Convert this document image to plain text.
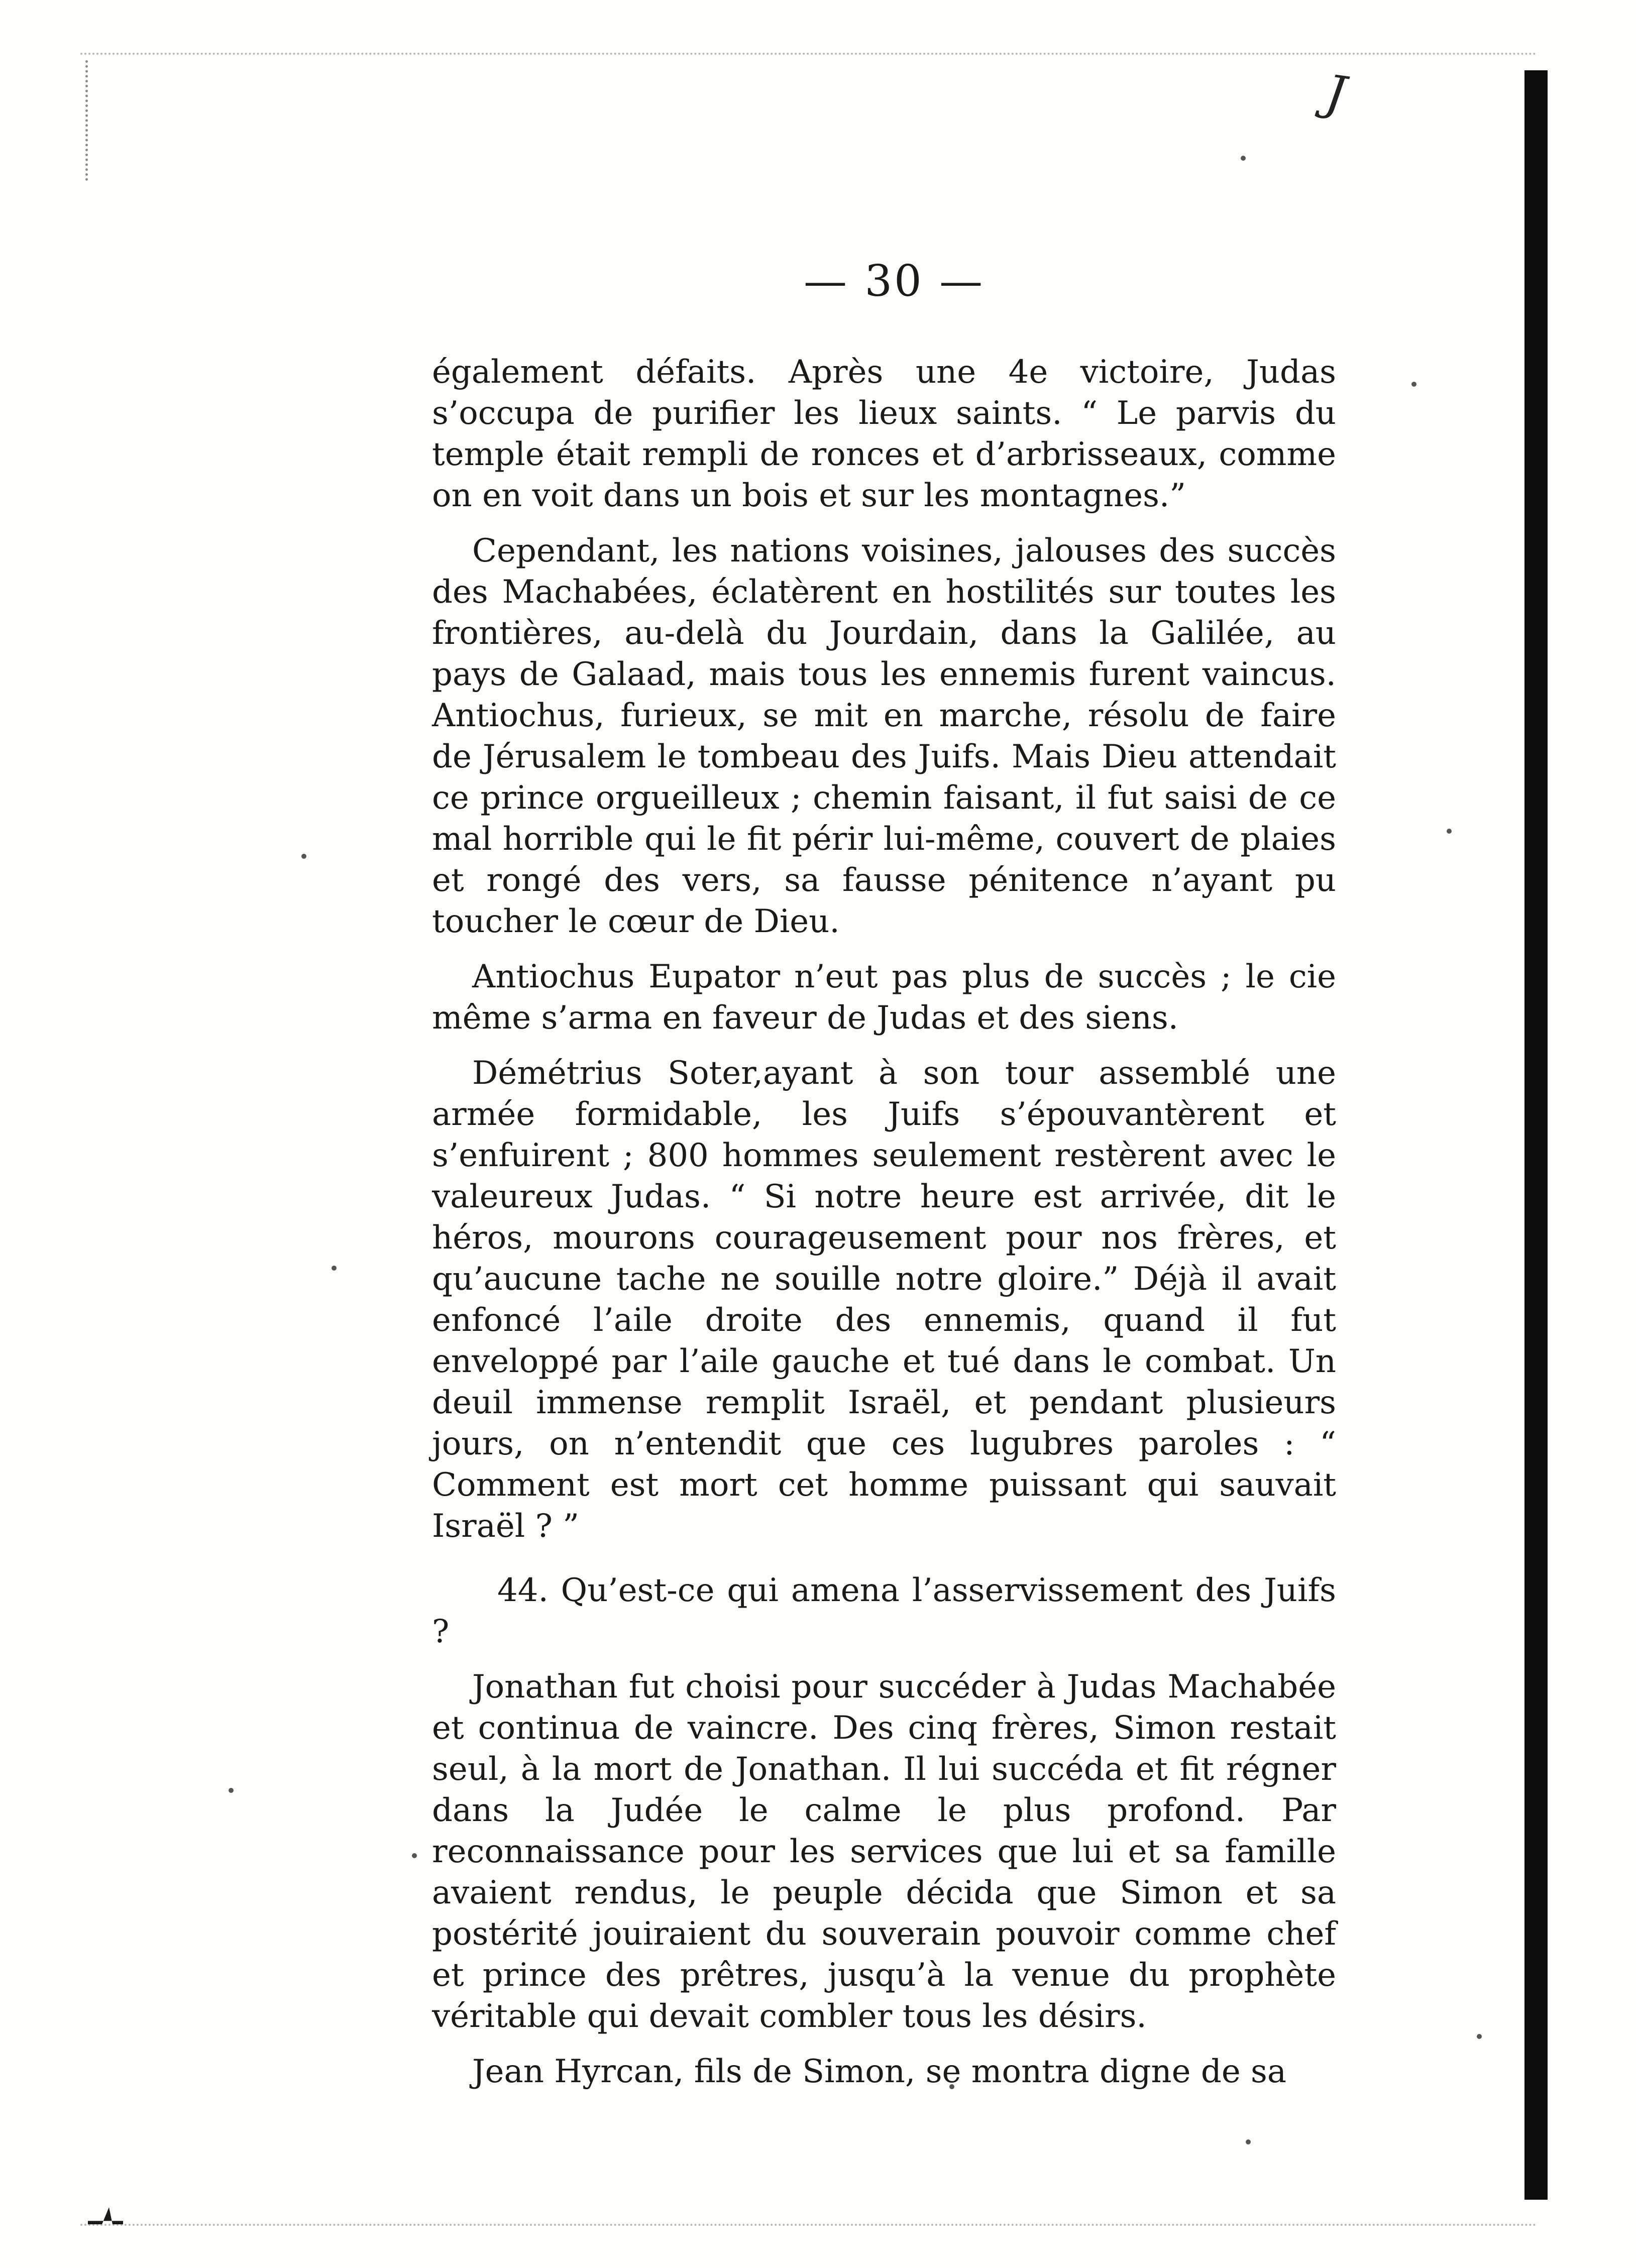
J
— 30 —

également défaits. Après une 4e victoire, Judas s’occupa de purifier les lieux saints. “ Le parvis du temple était rempli de ronces et d’arbrisseaux, comme on en voit dans un bois et sur les montagnes.”

Cependant, les nations voisines, jalouses des succès des Machabées, éclatèrent en hostilités sur toutes les frontières, au-delà du Jourdain, dans la Galilée, au pays de Galaad, mais tous les ennemis furent vaincus. Antiochus, furieux, se mit en marche, résolu de faire de Jérusalem le tombeau des Juifs. Mais Dieu attendait ce prince orgueilleux ; chemin faisant, il fut saisi de ce mal horrible qui le fit périr lui-même, couvert de plaies et rongé des vers, sa fausse pénitence n’ayant pu toucher le cœur de Dieu.

Antiochus Eupator n’eut pas plus de succès ; le cie même s’arma en faveur de Judas et des siens.

Démétrius Soter,ayant à son tour assemblé une armée formidable, les Juifs s’épouvantèrent et s’enfuirent ; 800 hommes seulement restèrent avec le valeureux Judas. “ Si notre heure est arrivée, dit le héros, mourons courageusement pour nos frères, et qu’aucune tache ne souille notre gloire.” Déjà il avait enfoncé l’aile droite des ennemis, quand il fut enveloppé par l’aile gauche et tué dans le combat. Un deuil immense remplit Israël, et pendant plusieurs jours, on n’entendit que ces lugubres paroles : “ Comment est mort cet homme puissant qui sauvait Israël ? ”

44. Qu’est-ce qui amena l’asservissement des Juifs ?

Jonathan fut choisi pour succéder à Judas Machabée et continua de vaincre. Des cinq frères, Simon restait seul, à la mort de Jonathan. Il lui succéda et fit régner dans la Judée le calme le plus profond. Par reconnaissance pour les services que lui et sa famille avaient rendus, le peuple décida que Simon et sa postérité jouiraient du souverain pouvoir comme chef et prince des prêtres, jusqu’à la venue du prophète véritable qui devait combler tous les désirs.

Jean Hyrcan, fils de Simon, se montra digne de sa
